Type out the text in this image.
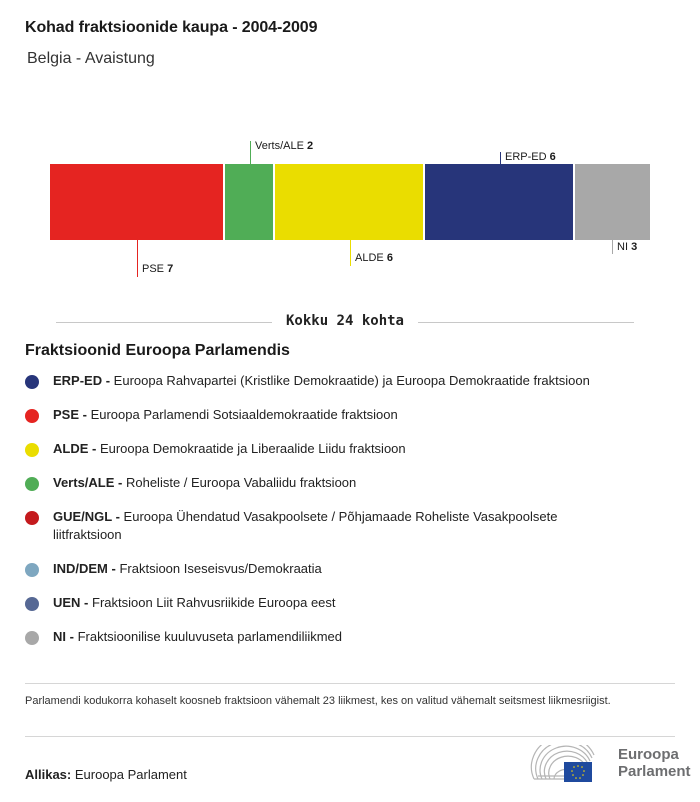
Kohad fraktsioonide kaupa - 2004-2009
Belgia - Avaistung
PSE 7
Verts/ALE 2
ALDE 6
ERP-ED 6
NI 3
Kokku 24 kohta
Fraktsioonid Euroopa Parlamendis
ERP-ED - Euroopa Rahvapartei (Kristlike Demokraatide) ja Euroopa Demokraatide fraktsioon
PSE - Euroopa Parlamendi Sotsiaaldemokraatide fraktsioon
ALDE - Euroopa Demokraatide ja Liberaalide Liidu fraktsioon
Verts/ALE - Roheliste / Euroopa Vabaliidu fraktsioon
GUE/NGL - Euroopa Ühendatud Vasakpoolsete / Põhjamaade Roheliste Vasakpoolsete liitfraktsioon
IND/DEM - Fraktsioon Iseseisvus/Demokraatia
UEN - Fraktsioon Liit Rahvusriikide Euroopa eest
NI - Fraktsioonilise kuuluvuseta parlamendiliikmed
Parlamendi kodukorra kohaselt koosneb fraktsioon vähemalt 23 liikmest, kes on valitud vähemalt seitsmest liikmesriigist.
Allikas: Euroopa Parlament
Euroopa
Parlament
